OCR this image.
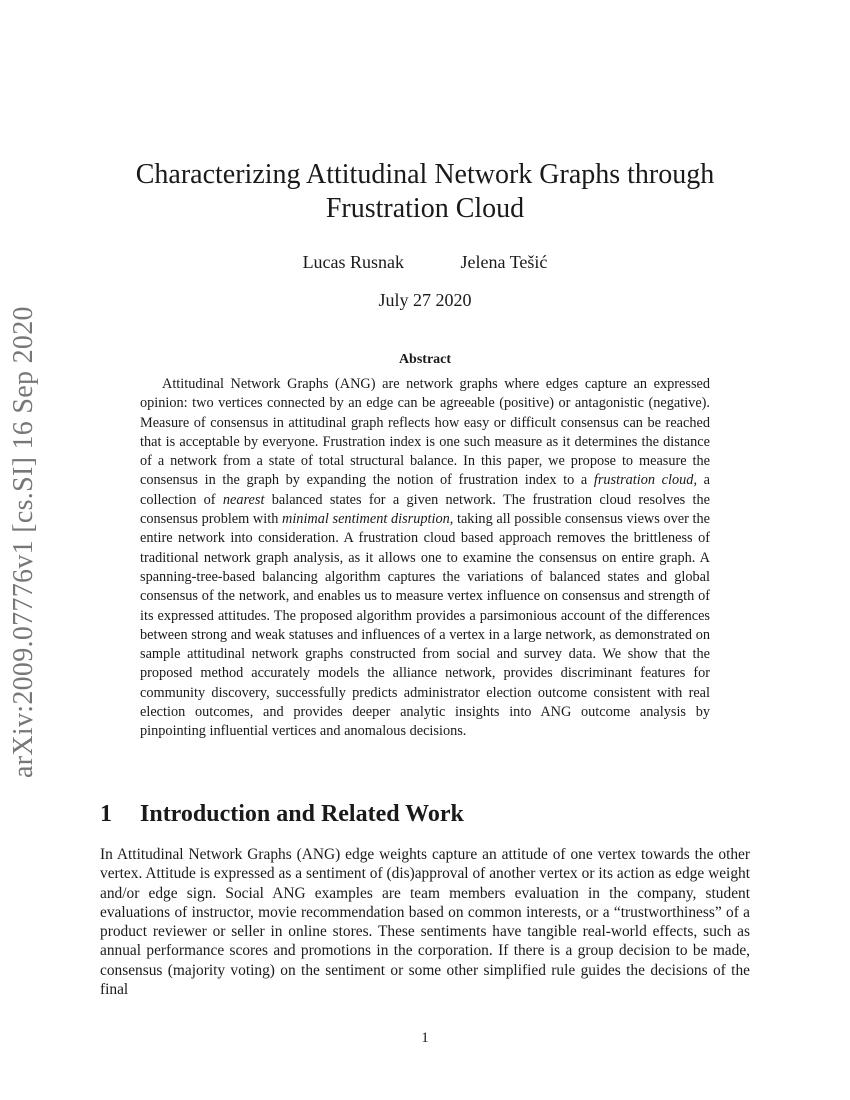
arXiv:2009.07776v1 [cs.SI] 16 Sep 2020
Characterizing Attitudinal Network Graphs through
Frustration Cloud
Lucas Rusnak	Jelena Tešić
July 27 2020
Abstract
Attitudinal Network Graphs (ANG) are network graphs where edges capture an expressed opinion: two vertices connected by an edge can be agreeable (positive) or antagonistic (negative). Measure of consensus in attitudinal graph reflects how easy or difficult consensus can be reached that is acceptable by everyone. Frustration index is one such measure as it determines the distance of a network from a state of total structural balance. In this paper, we propose to measure the consensus in the graph by expanding the notion of frustration index to a frustration cloud, a collection of nearest balanced states for a given network. The frustration cloud resolves the consensus problem with minimal sentiment disruption, taking all possible consensus views over the entire network into consideration. A frustration cloud based approach removes the brittleness of traditional network graph analysis, as it allows one to examine the consensus on entire graph. A spanning-tree-based balancing algorithm captures the variations of balanced states and global consensus of the network, and enables us to measure vertex influence on consensus and strength of its expressed attitudes. The proposed algorithm provides a parsimonious account of the differences between strong and weak statuses and influences of a vertex in a large network, as demonstrated on sample attitudinal network graphs constructed from social and survey data. We show that the proposed method accurately models the alliance network, provides discriminant features for community discovery, successfully predicts administrator election outcome consistent with real election outcomes, and provides deeper analytic insights into ANG outcome analysis by pinpointing influential vertices and anomalous decisions.
1 Introduction and Related Work
In Attitudinal Network Graphs (ANG) edge weights capture an attitude of one vertex towards the other vertex. Attitude is expressed as a sentiment of (dis)approval of another vertex or its action as edge weight and/or edge sign. Social ANG examples are team members evaluation in the company, student evaluations of instructor, movie recommendation based on common interests, or a “trustworthiness” of a product reviewer or seller in online stores. These sentiments have tangible real-world effects, such as annual performance scores and promotions in the corporation. If there is a group decision to be made, consensus (majority voting) on the sentiment or some other simplified rule guides the decisions of the final
1
